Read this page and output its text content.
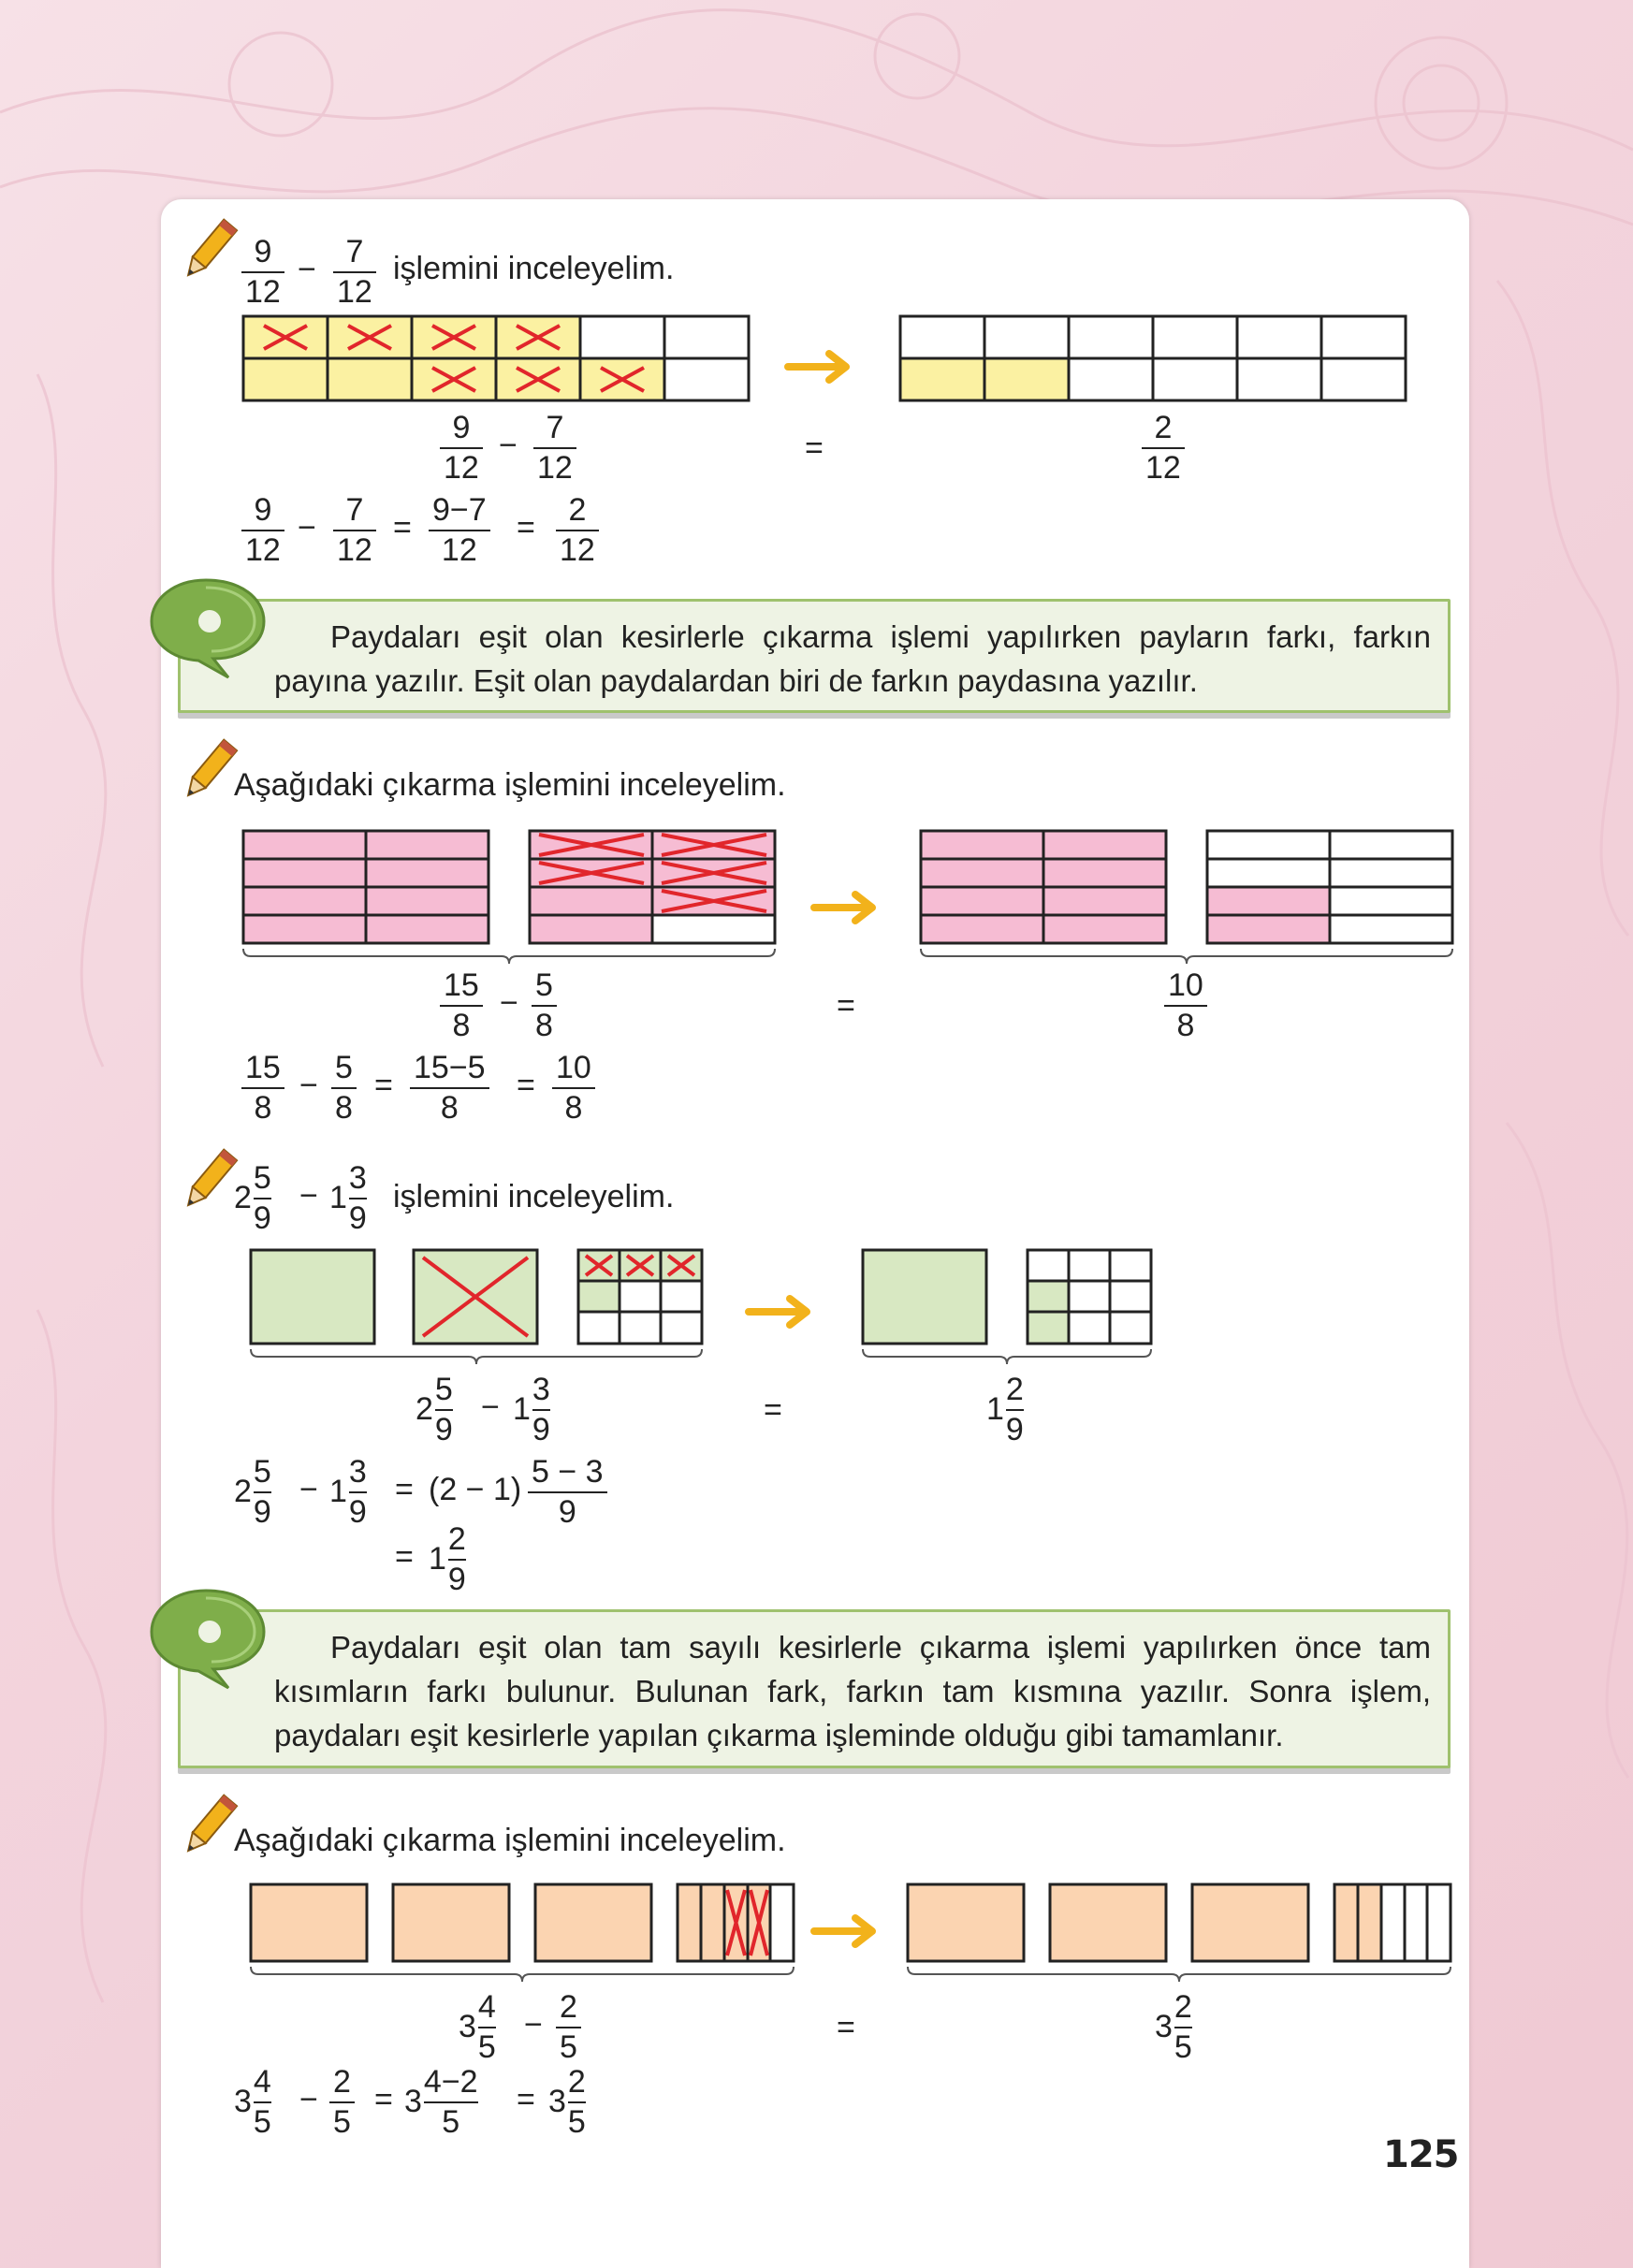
9
12
− 7
12
işlemini inceleyelim.
9
12
− 7
12
=
2
12
9
12
− 7
12
= 9−7
12
= 2
12

Paydaları eşit olan kesirlerle çıkarma işlemi yapılırken payların farkı, farkın payına yazılır. Eşit olan paydalardan biri de farkın paydasına yazılır.

Aşağıdaki çıkarma işlemini inceleyelim.
15
8
− 5
8
=
10
8
15
8
− 5
8
= 15−5
8
= 10
8
2
5
9
− 1
3
9
işlemini inceleyelim.
2
5
9
− 1
3
9
=	1
2
9
2
5
9
− 1
3
9
= (2 − 1) 5 − 3
9
= 1
2
9

Paydaları eşit olan tam sayılı kesirlerle çıkarma işlemi yapılırken önce tam kısımların farkı bulunur. Bulunan fark, farkın tam kısmına yazılır. Sonra işlem, paydaları eşit kesirlerle yapılan çıkarma işleminde olduğu gibi tamamlanır.

Aşağıdaki çıkarma işlemini inceleyelim.
3
4
5
− 2
5
=	3
2
5
3
4
5
− 2
5
= 3
4−2
5
= 3
2
5
125
